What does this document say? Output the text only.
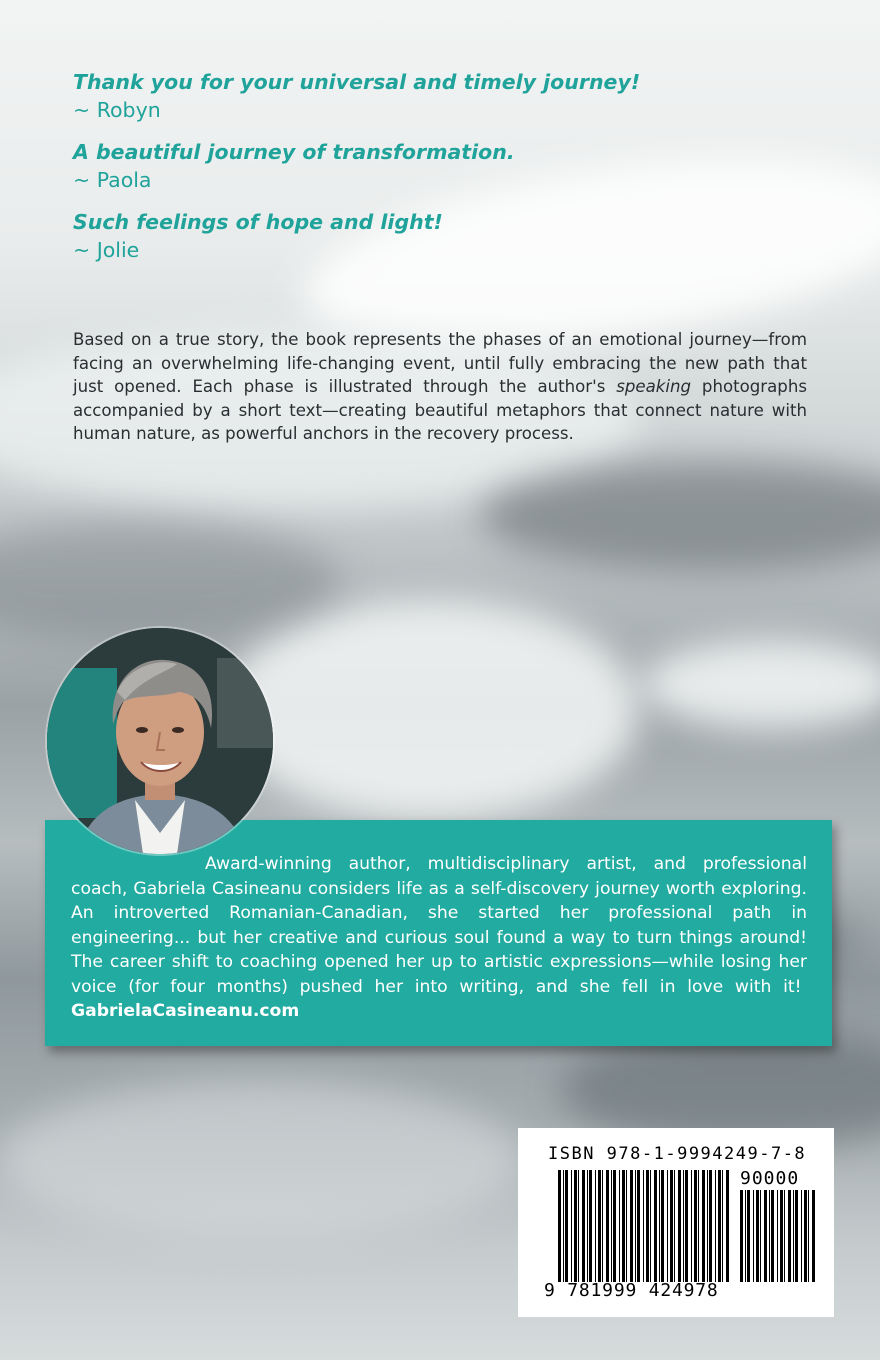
Thank you for your universal and timely journey!
~ Robyn
A beautiful journey of transformation.
~ Paola
Such feelings of hope and light!
~ Jolie

Based on a true story, the book represents the phases of an emotional journey—from facing an overwhelming life-changing event, until fully embracing the new path that just opened. Each phase is illustrated through the author's speaking photographs accompanied by a short text—creating beautiful metaphors that connect nature with human nature, as powerful anchors in the recovery process.

Award-winning author, multidisciplinary artist, and professional coach, Gabriela Casineanu considers life as a self-discovery journey worth exploring. An introverted Romanian-Canadian, she started her professional path in engineering... but her creative and curious soul found a way to turn things around! The career shift to coaching opened her up to artistic expressions—while losing her voice (for four months) pushed her into writing, and she fell in love with it!  GabrielaCasineanu.com

ISBN 978-1-9994249-7-8
90000
9 781999 424978
